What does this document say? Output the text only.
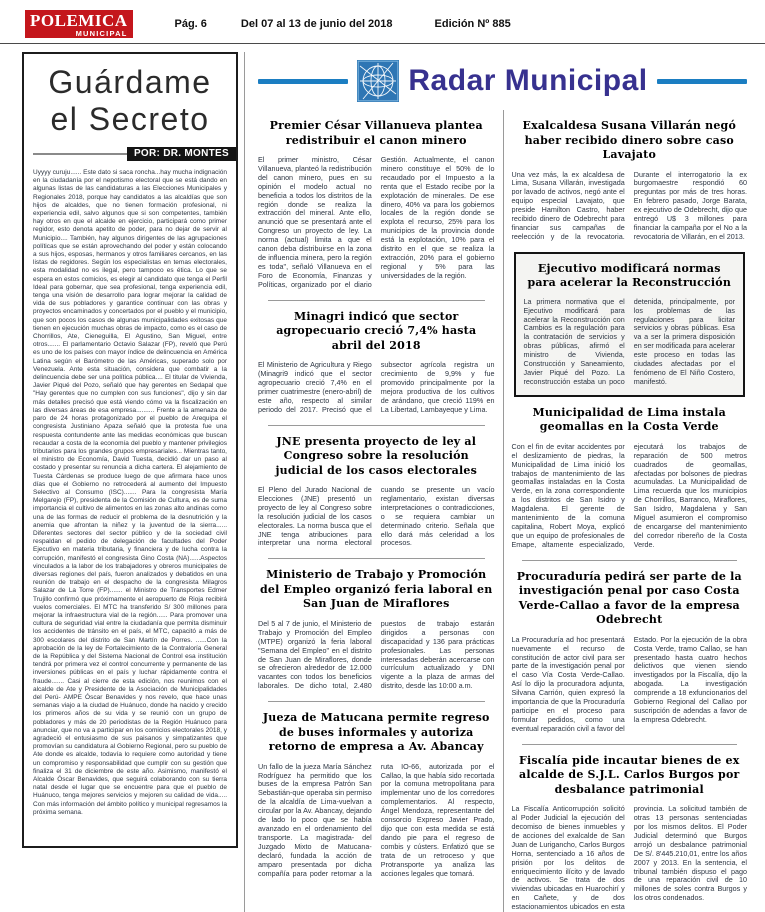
POLEMICA
MUNICIPAL
Pág. 6	Del 07 al 13 de junio del 2018	Edición Nº 885
Guárdame
el Secreto
POR: DR. MONTES
Uyyyy curuju...... Este dato si saca roncha...hay mucha indignación en la ciudadanía por el nepotismo electoral que se está dando en algunas listas de las candidaturas a las Elecciones Municipales y Regionales 2018, porque hay candidatos a las alcaldías que son hijos de alcaldes, que no tienen formación profesional, ni experiencia edil, salvo algunos que si son competentes, también hay otros en que el alcalde en ejercicio, participará como primer regidor, esto denota apetito de poder, para no dejar de servir al Municipio.... También, hay algunos dirigentes de las agrupaciones políticas que se están aprovechando del poder y están colocando a sus hijos, esposas, hermanos y otros familiares cercanos, en las listas de regidores. Según los especialistas en temas electorales, esta modalidad no es ilegal, pero tampoco es ética. Lo que se espera en estos comicios, es elegir al candidato que tenga el Perfil Ideal para gobernar, que sea profesional, tenga experiencia edil, tenga una visión de desarrollo para lograr mejorar la calidad de vida de sus pobladores y garantice continuar con las obras y proyectos encaminados y concertados por el pueblo y el municipio, que son pocos los casos de algunas municipalidades exitosas que tienen en ejecución muchas obras de impacto, como es el caso de Chorrillos, Ate, Cieneguilla, El Agustino, San Miguel, entre otros....... El parlamentario Octavio Salazar (FP), reveló que Perú es uno de los países con mayor índice de delincuencia en América Latina según el Barómetro de las Américas, superado solo por Venezuela. Ante esta situación, considera que combatir a la delincuencia debe ser una política pública.... El titular de Vivienda, Javier Piqué del Pozo, señaló que hay gerentes en Sedapal que "Hay gerentes que no cumplen con sus funciones", dijo y sin dar más detalles precisó que está viendo cómo va la fiscalización en las diversas áreas de esa empresa.......... Frente a la amenaza de paro de 24 horas protagonizado por el pueblo de Arequipa el congresista Justiniano Apaza señaló que la protesta fue una respuesta contundente ante las medidas económicas que buscan recaudar a costa de la economía del pueblo y mantener privilegios tributarios para los grandes grupos empresariales... Mientras tanto, el ministro de Economía, David Tuesta, decidió dar un paso al costado y presentar su renuncia a dicha cartera. El alejamiento de Tuesta Cárdenas se produce luego de que afirmara hace unos días que el Gobierno no retrocederá al aumento del Impuesto Selectivo al Consumo (ISC)....... Para la congresista María Melgarejo (FP), presidenta de la Comisión de Cultura, es de suma importancia el cultivo de alimentos en las zonas alto andinas como una de las formas de reducir el problema de la desnutrición y la anemia que afrontan la niñez y la juventud de la sierra...... Diferentes sectores del sector público y de la sociedad civil respaldan el pedido de delegación de facultades del Poder Ejecutivo en materia tributaria, y financiera y de lucha contra la corrupción, manifestó el congresista Gino Costa (NA)......Aspectos vinculados a la labor de los trabajadores y obreros municipales de diversas regiones del país, fueron analizados y debatidos en una reunión de trabajo en el despacho de la congresista Milagros Salazar de La Torre (FP)....... el Ministro de Transportes Edmer Trujillo confirmó que próximamente el aeropuerto de Rioja recibirá vuelos comerciales. El MTC ha transferido S/ 300 millones para mejorar la infraestructura vial de la región...... Para promover una cultura de seguridad vial entre la ciudadanía que permita disminuir los accidentes de tránsito en el país, el MTC, capacitó a más de 300 escolares del distrito de San Martín de Porres. ......Con la aprobación de la ley de Fortalecimiento de la Contraloría General de la República y del Sistema Nacional de Control esa institución tendrá por primera vez el control concurrente y permanente de las inversiones públicas en el país y luchar rápidamente contra el fraude....... Casi al cierre de esta edición, nos reunimos con el alcalde de Ate y Presidente de la Asociación de Municipalidades del Perú- AMPE Óscar Benavides y nos revelo, que hace unas semanas viajo a la ciudad de Huánuco, donde ha nacido y crecido los primeros años de su vida y se reunió con un grupo de pobladores y más de 20 periodistas de la Región Huánuco para anunciar, que no va a participar en los comicios electorales 2018, y agradeció el entusiasmo de sus paisanos y simpatizantes que promovían su candidatura al Gobierno Regional, pero su pueblo de Ate donde es alcalde, todavía lo requiere como autoridad y tiene un compromiso y responsabilidad que cumplir con su gestión que finaliza el 31 de diciembre de este año. Asimismo, manifestó el Alcalde Óscar Benavides, que seguirá colaborando con su tierra natal desde el lugar que se encuentre para que el pueblo de Huánuco, tenga mejores servicios y mejoren su calidad de vida..... Con más información del ámbito político y municipal regresamos la próxima semana.
Radar Municipal
Premier César Villanueva plantea redistribuir el canon minero
El primer ministro, César Villanueva, planteó la redistribución del canon minero, pues en su opinión el modelo actual no beneficia a todos los distritos de la región donde se realiza la extracción del mineral. Ante ello, anunció que se presentará ante el Congreso un proyecto de ley. La norma (actual) limita a que el canon deba distribuirse en la zona de influencia minera, pero la región es toda", señaló Villanueva en el Foro de Economía, Finanzas y Políticas, organizado por el diario Gestión. Actualmente, el canon minero constituye el 50% de lo recaudado por el Impuesto a la renta que el Estado recibe por la explotación de minerales. De ese dinero, 40% va para los gobiernos locales de la región donde se explota el recurso, 25% para los municipios de la provincia donde está la explotación, 10% para el distrito en el que se realiza la extracción, 20% para el gobierno regional y 5% para las universidades de la región.
Minagri indicó que sector agropecuario creció 7,4% hasta abril del 2018
El Ministerio de Agricultura y Riego (Minagri9 indicó que el sector agropecuario creció 7,4% en el primer cuatrimestre (enero-abril) de este año, respecto al similar periodo del 2017. Precisó que el subsector agrícola registra un crecimiento de 9,9% y fue promovido principalmente por la mejora productiva de los cultivos de arándano, que creció 119% en La Libertad, Lambayeque y Lima.
JNE presenta proyecto de ley al Congreso sobre la resolución judicial de los casos electorales
El Pleno del Jurado Nacional de Elecciones (JNE) presentó un proyecto de ley al Congreso sobre la resolución judicial de los casos electorales. La norma busca que el JNE tenga atribuciones para interpretar una norma electoral cuando se presente un vacío reglamentario, existan diversas interpretaciones o contradicciones, o se requiera cambiar un determinado criterio. Señala que ello dará más celeridad a los procesos.
Ministerio de Trabajo y Promoción del Empleo organizó feria laboral en San Juan de Miraflores
Del 5 al 7 de junio, el Ministerio de Trabajo y Promoción del Empleo (MTPE) organizó la feria laboral "Semana del Empleo" en el distrito de San Juan de Miraflores, donde se ofrecieron alrededor de 12.000 vacantes con todos los beneficios laborales. De dicho total, 2.480 puestos de trabajo estarán dirigidos a personas con discapacidad y 136 para prácticas profesionales. Las personas interesadas deberán acercarse con currículum actualizado y DNI vigente a la plaza de armas del distrito, desde las 10:00 a.m.
Jueza de Matucana permite regreso de buses informales y autoriza retorno de empresa a Av. Abancay
Un fallo de la jueza María Sánchez Rodríguez ha permitido que los buses de la empresa Patrón San Sebastián-que operaba sin permiso de la alcaldía de Lima-vuelvan a circular por la Av. Abancay, dejando de lado lo poco que se había avanzado en el ordenamiento del transporte. La magistrada- del Juzgado Mixto de Matucana-declaró, fundada la acción de amparo presentada por dicha compañía para poder retornar a la ruta IO-66, autorizada por el Callao, la que había sido recortada por la comuna metropolitana para implementar uno de los corredores complementarios. Al respecto, Ángel Mendoza, representante del consorcio Expreso Javier Prado, dijo que con esta medida se está dando pie para el regreso de combis y cústers. Enfatizó que se trata de un retroceso y que Protransporte ya analiza las acciones legales que tomará.
Exalcaldesa Susana Villarán negó haber recibido dinero sobre caso Lavajato
Una vez más, la ex alcaldesa de Lima, Susana Villarán, investigada por lavado de activos, negó ante el equipo especial Lavajato, que preside Hamilton Castro, haber recibido dinero de Odebrecht para financiar sus campañas de reelección y de la revocatoria. Durante el interrogatorio la ex burgomaestre respondió 60 preguntas por más de tres horas. En febrero pasado, Jorge Barata, ex ejecutivo de Odebrecht, dijo que entregó U$ 3 millones para financiar la campaña por el No a la revocatoria de Villarán, en el 2013.
Ejecutivo modificará normas para acelerar la Reconstrucción
La primera normativa que el Ejecutivo modificará para acelerar la Reconstrucción con Cambios es la regulación para la contratación de servicios y obras públicas, afirmó el ministro de Vivienda, Construcción y Saneamiento, Javier Piqué del Pozo. La reconstrucción estaba un poco detenida, principalmente, por los problemas de las regulaciones para licitar servicios y obras públicas. Esa va a ser la primera disposición en ser modificada para acelerar este proceso en todas las ciudades afectadas por el fenómeno de El Niño Costero, manifestó.
Municipalidad de Lima instala geomallas en la Costa Verde
Con el fin de evitar accidentes por el deslizamiento de piedras, la Municipalidad de Lima inició los trabajos de mantenimiento de las geomallas instaladas en la Costa Verde, en la zona correspondiente a los distritos de San Isidro y Magdalena. El gerente de mantenimiento de la comuna capitalina, Robert Moya, explicó que un equipo de profesionales de Emape, altamente especializado, ejecutará los trabajos de reparación de 500 metros cuadrados de geomallas, afectadas por bolsones de piedras acumuladas. La Municipalidad de Lima recuerda que los municipios de Chorrillos, Barranco, Miraflores, San Isidro, Magdalena y San Miguel asumieron el compromiso de encargarse del mantenimiento del corredor ribereño de la Costa Verde.
Procuraduría pedirá ser parte de la investigación penal por caso Costa Verde-Callao a favor de la empresa Odebrecht
La Procuraduría ad hoc presentará nuevamente el recurso de constitución de actor civil para ser parte de la investigación penal por el caso Vía Costa Verde-Callao. Así lo dijo la procuradora adjunta, Silvana Carrión, quien expresó la importancia de que la Procuraduría participe en el proceso para formular pedidos, como una eventual reparación civil a favor del Estado. Por la ejecución de la obra Costa Verde, tramo Callao, se han presentado hasta cuatro hechos delictivos que vienen siendo investigados por la Fiscalía, dijo la abogada. La investigación comprende a 18 exfuncionarios del Gobierno Regional del Callao por suscripción de adendas a favor de la empresa Odebrecht.
Fiscalía pide incautar bienes de ex alcalde de S.J.L. Carlos Burgos por desbalance patrimonial
La Fiscalía Anticorrupción solicitó al Poder Judicial la ejecución del decomiso de bienes inmuebles y de acciones del exalcalde de San Juan de Lurigancho, Carlos Burgos Horna, sentenciado a 16 años de prisión por los delitos de enriquecimiento ilícito y de lavado de activos. Se trata de dos viviendas ubicadas en Huarochirí y en Cañete, y de dos estacionamientos ubicados en esta provincia. La solicitud también de otras 13 personas sentenciadas por los mismos delitos. El Poder Judicial determinó que Burgos arrojó un desbalance patrimonial De S/. 8'445.210,01, entre los años 2007 y 2013. En la sentencia, el tribunal también dispuso el pago de una reparación civil de 10 millones de soles contra Burgos y los otros condenados.
